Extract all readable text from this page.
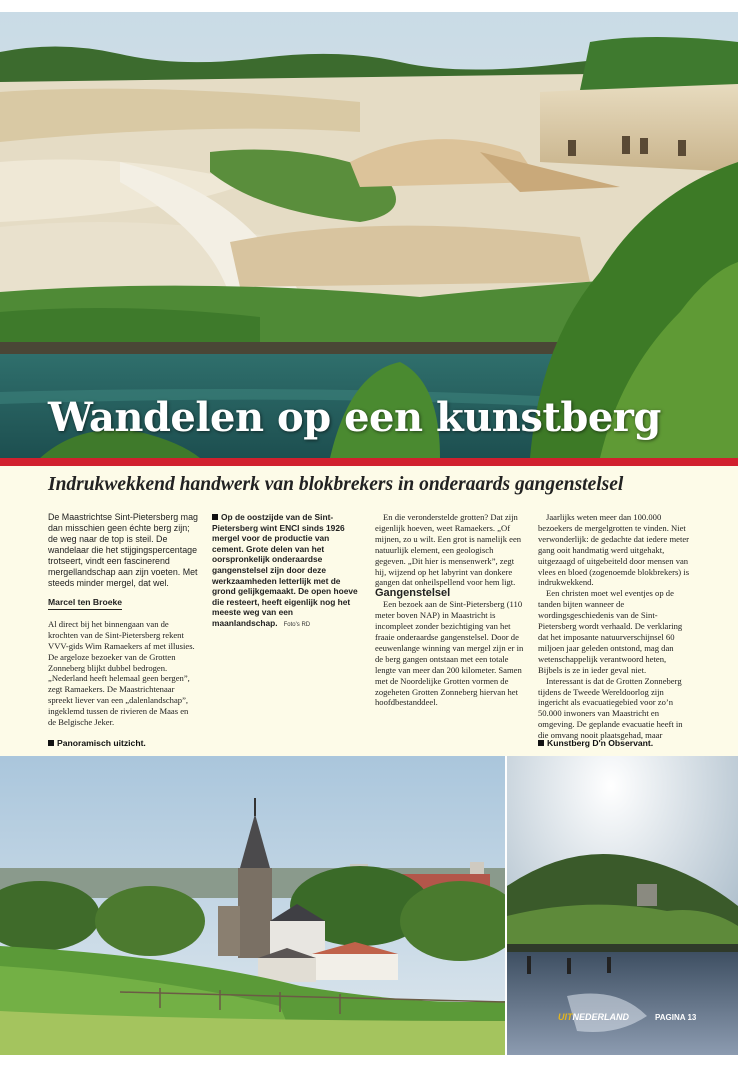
Wandelen op een kunstberg
Indrukwekkend handwerk van blokbrekers in onderaards gangenstelsel

De Maastrichtse Sint-Pietersberg mag dan misschien geen échte berg zijn; de weg naar de top is steil. De wandelaar die het stijgingspercentage trotseert, vindt een fascinerend mergellandschap aan zijn voeten. Met steeds minder mergel, dat wel.

Marcel ten Broeke

Al direct bij het binnengaan van de krochten van de Sint-Pietersberg rekent VVV-gids Wim Ramaekers af met illusies. De argeloze bezoeker van de Grotten Zonneberg blijkt dubbel bedrogen. „Nederland heeft helemaal geen bergen”, zegt Ramaekers. De Maastrichtenaar spreekt liever van een „dalenlandschap”, ingeklemd tussen de rivieren de Maas en de Belgische Jeker.

Op de oostzijde van de Sint-Pietersberg wint ENCI sinds 1926 mergel voor de productie van cement. Grote delen van het oorspronkelijk onderaardse gangenstelsel zijn door deze werkzaamheden letterlijk met de grond gelijkgemaakt. De open hoeve die resteert, heeft eigenlijk nog het meeste weg van een maanlandschap. Foto's RD

En die veronderstelde grotten? Dat zijn eigenlijk hoeven, weet Ramaekers. „Of mijnen, zo u wilt. Een grot is namelijk een natuurlijk element, een geologisch gegeven. „Dit hier is mensenwerk”, zegt hij, wijzend op het labyrint van donkere gangen dat onheilspellend voor hem ligt.

Gangenstelsel

Een bezoek aan de Sint-Pietersberg (110 meter boven NAP) in Maastricht is incompleet zonder bezichtiging van het fraaie onderaardse gangenstelsel. Door de eeuwenlange winning van mergel zijn er in de berg gangen ontstaan met een totale lengte van meer dan 200 kilometer. Samen met de Noordelijke Grotten vormen de zogeheten Grotten Zonneberg hiervan het hoofdbestanddeel.

Jaarlijks weten meer dan 100.000 bezoekers de mergelgrotten te vinden. Niet verwonderlijk: de gedachte dat iedere meter gang ooit handmatig werd uitgehakt, uitgezaagd of uitgebeiteld door mensen van vlees en bloed (zogenoemde blokbrekers) is indrukwekkend.

Een christen moet wel eventjes op de tanden bijten wanneer de wordingsgeschiedenis van de Sint-Pietersberg wordt verhaald. De verklaring dat het imposante natuurverschijnsel 60 miljoen jaar geleden ontstond, mag dan wetenschappelijk verantwoord heten, Bijbels is ze in ieder geval niet.

Interessant is dat de Grotten Zonneberg tijdens de Tweede Wereldoorlog zijn ingericht als evacuatiegebied voor zo’n 50.000 inwoners van Maastricht en omgeving. De geplande evacuatie heeft in die omvang nooit plaatsgehad, maar

Panoramisch uitzicht.	Kunstberg D'n Observant.

UITNEDERLAND	PAGINA 13
